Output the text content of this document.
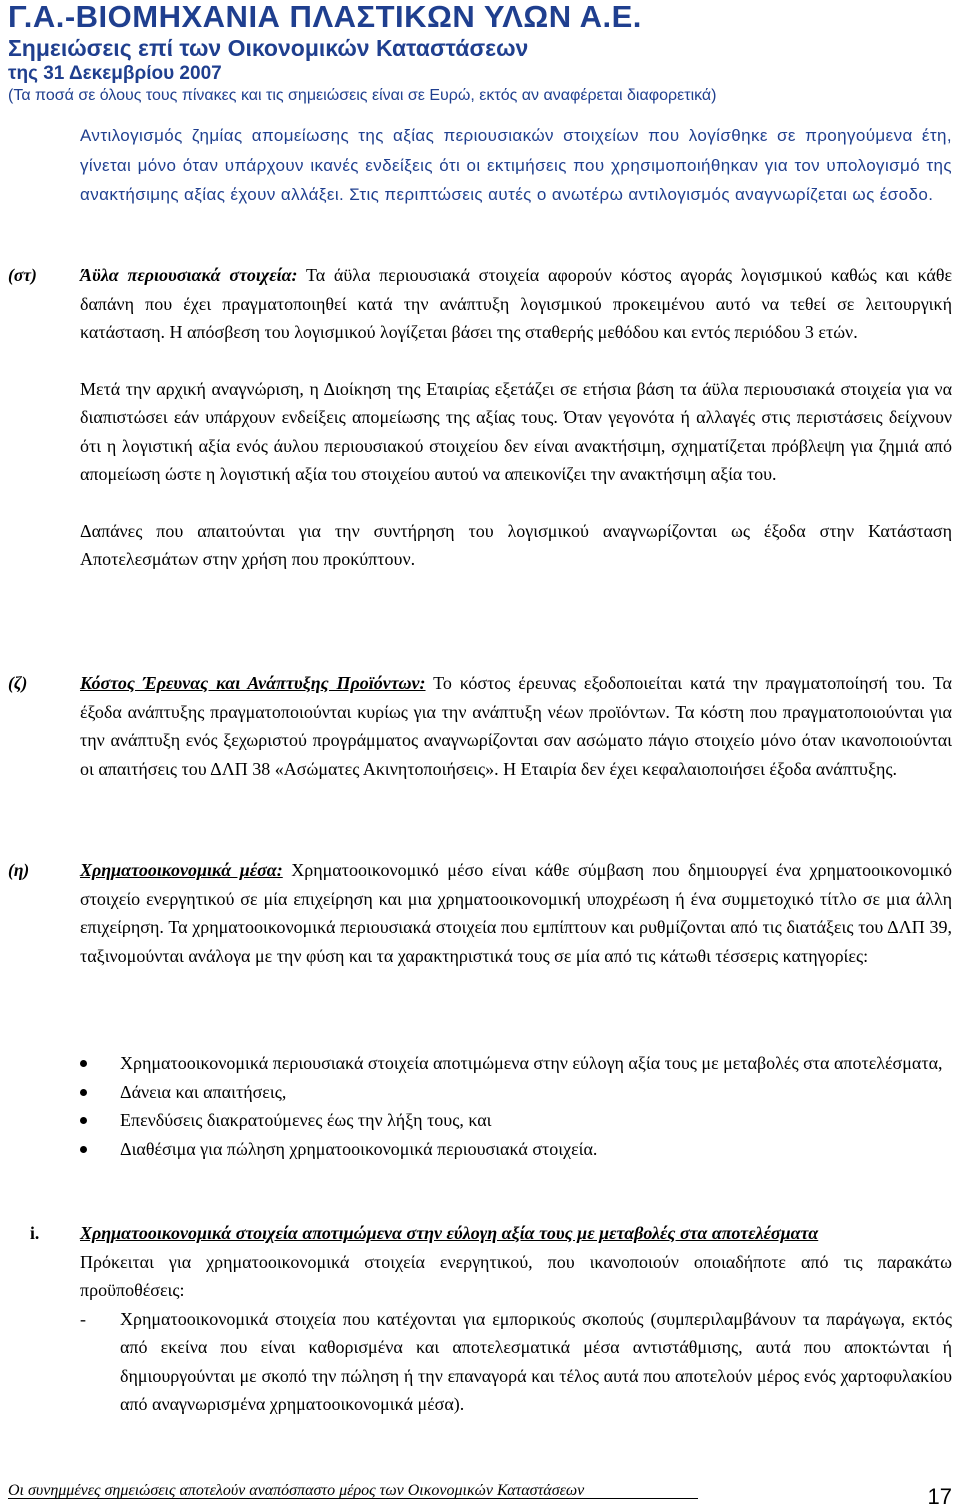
Γ.Α.-ΒΙΟΜΗΧΑΝΙΑ ΠΛΑΣΤΙΚΩΝ ΥΛΩΝ Α.Ε.

Σημειώσεις επί των Οικονομικών Καταστάσεων

της 31 Δεκεμβρίου 2007

(Τα ποσά σε όλους τους πίνακες και τις σημειώσεις είναι σε Ευρώ, εκτός αν αναφέρεται διαφορετικά)

Αντιλογισμός ζημίας απομείωσης της αξίας περιουσιακών στοιχείων που λογίσθηκε σε προηγούμενα έτη, γίνεται μόνο όταν υπάρχουν ικανές ενδείξεις ότι οι εκτιμήσεις που χρησιμοποιήθηκαν για τον υπολογισμό της ανακτήσιμης αξίας έχουν αλλάξει. Στις περιπτώσεις αυτές ο ανωτέρω αντιλογισμός αναγνωρίζεται ως έσοδο.
(στ) Άϋλα περιουσιακά στοιχεία: Τα άϋλα περιουσιακά στοιχεία αφορούν κόστος αγοράς λογισμικού καθώς και κάθε δαπάνη που έχει πραγματοποιηθεί κατά την ανάπτυξη λογισμικού προκειμένου αυτό να τεθεί σε λειτουργική κατάσταση. Η απόσβεση του λογισμικού λογίζεται βάσει της σταθερής μεθόδου και εντός περιόδου 3 ετών.

Μετά την αρχική αναγνώριση, η Διοίκηση της Εταιρίας εξετάζει σε ετήσια βάση τα άϋλα περιουσιακά στοιχεία για να διαπιστώσει εάν υπάρχουν ενδείξεις απομείωσης της αξίας τους. Όταν γεγονότα ή αλλαγές στις περιστάσεις δείχνουν ότι η λογιστική αξία ενός άυλου περιουσιακού στοιχείου δεν είναι ανακτήσιμη, σχηματίζεται πρόβλεψη για ζημιά από απομείωση ώστε η λογιστική αξία του στοιχείου αυτού να απεικονίζει την ανακτήσιμη αξία του.

Δαπάνες που απαιτούνται για την συντήρηση του λογισμικού αναγνωρίζονται ως έξοδα στην Κατάσταση Αποτελεσμάτων στην χρήση που προκύπτουν.

(ζ)	Κόστος Έρευνας και Ανάπτυξης Προϊόντων: Το κόστος έρευνας εξοδοποιείται κατά την πραγματοποίησή του. Τα έξοδα ανάπτυξης πραγματοποιούνται κυρίως για την ανάπτυξη νέων προϊόντων. Τα κόστη που πραγματοποιούνται για την ανάπτυξη ενός ξεχωριστού προγράμματος αναγνωρίζονται σαν ασώματο πάγιο στοιχείο μόνο όταν ικανοποιούνται οι απαιτήσεις του ΔΛΠ 38 «Ασώματες Ακινητοποιήσεις». Η Εταιρία δεν έχει κεφαλαιοποιήσει έξοδα ανάπτυξης.

(η)	Χρηματοοικονομικά μέσα: Χρηματοοικονομικό μέσο είναι κάθε σύμβαση που δημιουργεί ένα χρηματοοικονομικό στοιχείο ενεργητικού σε μία επιχείρηση και μια χρηματοοικονομική υποχρέωση ή ένα συμμετοχικό τίτλο σε μια άλλη επιχείρηση. Τα χρηματοοικονομικά περιουσιακά στοιχεία που εμπίπτουν και ρυθμίζονται από τις διατάξεις του ΔΛΠ 39, ταξινομούνται ανάλογα με την φύση και τα χαρακτηριστικά τους σε μία από τις κάτωθι τέσσερις κατηγορίες:

Χρηματοοικονομικά περιουσιακά στοιχεία αποτιμώμενα στην εύλογη αξία τους με μεταβολές στα αποτελέσματα,
Δάνεια και απαιτήσεις,
Επενδύσεις διακρατούμενες έως την λήξη τους, και
Διαθέσιμα για πώληση χρηματοοικονομικά περιουσιακά στοιχεία.
i. Χρηματοοικονομικά στοιχεία αποτιμώμενα στην εύλογη αξία τους με μεταβολές στα αποτελέσματα

Πρόκειται για χρηματοοικονομικά στοιχεία ενεργητικού, που ικανοποιούν οποιαδήποτε από τις παρακάτω προϋποθέσεις:

- Χρηματοοικονομικά στοιχεία που κατέχονται για εμπορικούς σκοπούς (συμπεριλαμβάνουν τα παράγωγα, εκτός από εκείνα που είναι καθορισμένα και αποτελεσματικά μέσα αντιστάθμισης, αυτά που αποκτώνται ή δημιουργούνται με σκοπό την πώληση ή την επαναγορά και τέλος αυτά που αποτελούν μέρος ενός χαρτοφυλακίου από αναγνωρισμένα χρηματοοικονομικά μέσα).
Οι συνημμένες σημειώσεις αποτελούν αναπόσπαστο μέρος των Οικονομικών Καταστάσεων	17
